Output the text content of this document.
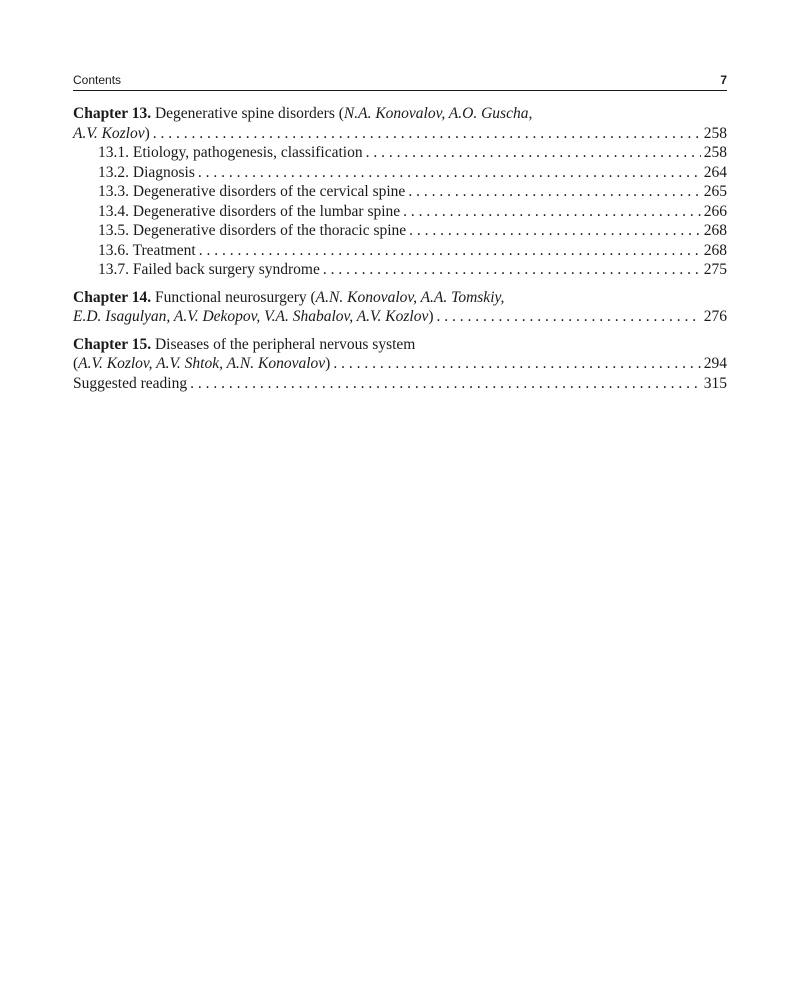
Contents	7
Chapter 13. Degenerative spine disorders (N.A. Konovalov, A.O. Guscha,
A.V. Kozlov) . . .	258
13.1. Etiology, pathogenesis, classification . . .	258
13.2. Diagnosis . . .	264
13.3. Degenerative disorders of the cervical spine . . .	265
13.4. Degenerative disorders of the lumbar spine . . .	266
13.5. Degenerative disorders of the thoracic spine . . .	268
13.6. Treatment . . .	268
13.7. Failed back surgery syndrome . . .	275
Chapter 14. Functional neurosurgery (A.N. Konovalov, A.A. Tomskiy,
E.D. Isagulyan, A.V. Dekopov, V.A. Shabalov, A.V. Kozlov) . . .	276
Chapter 15. Diseases of the peripheral nervous system
(A.V. Kozlov, A.V. Shtok, A.N. Konovalov) . . .	294
Suggested reading . . .	315
